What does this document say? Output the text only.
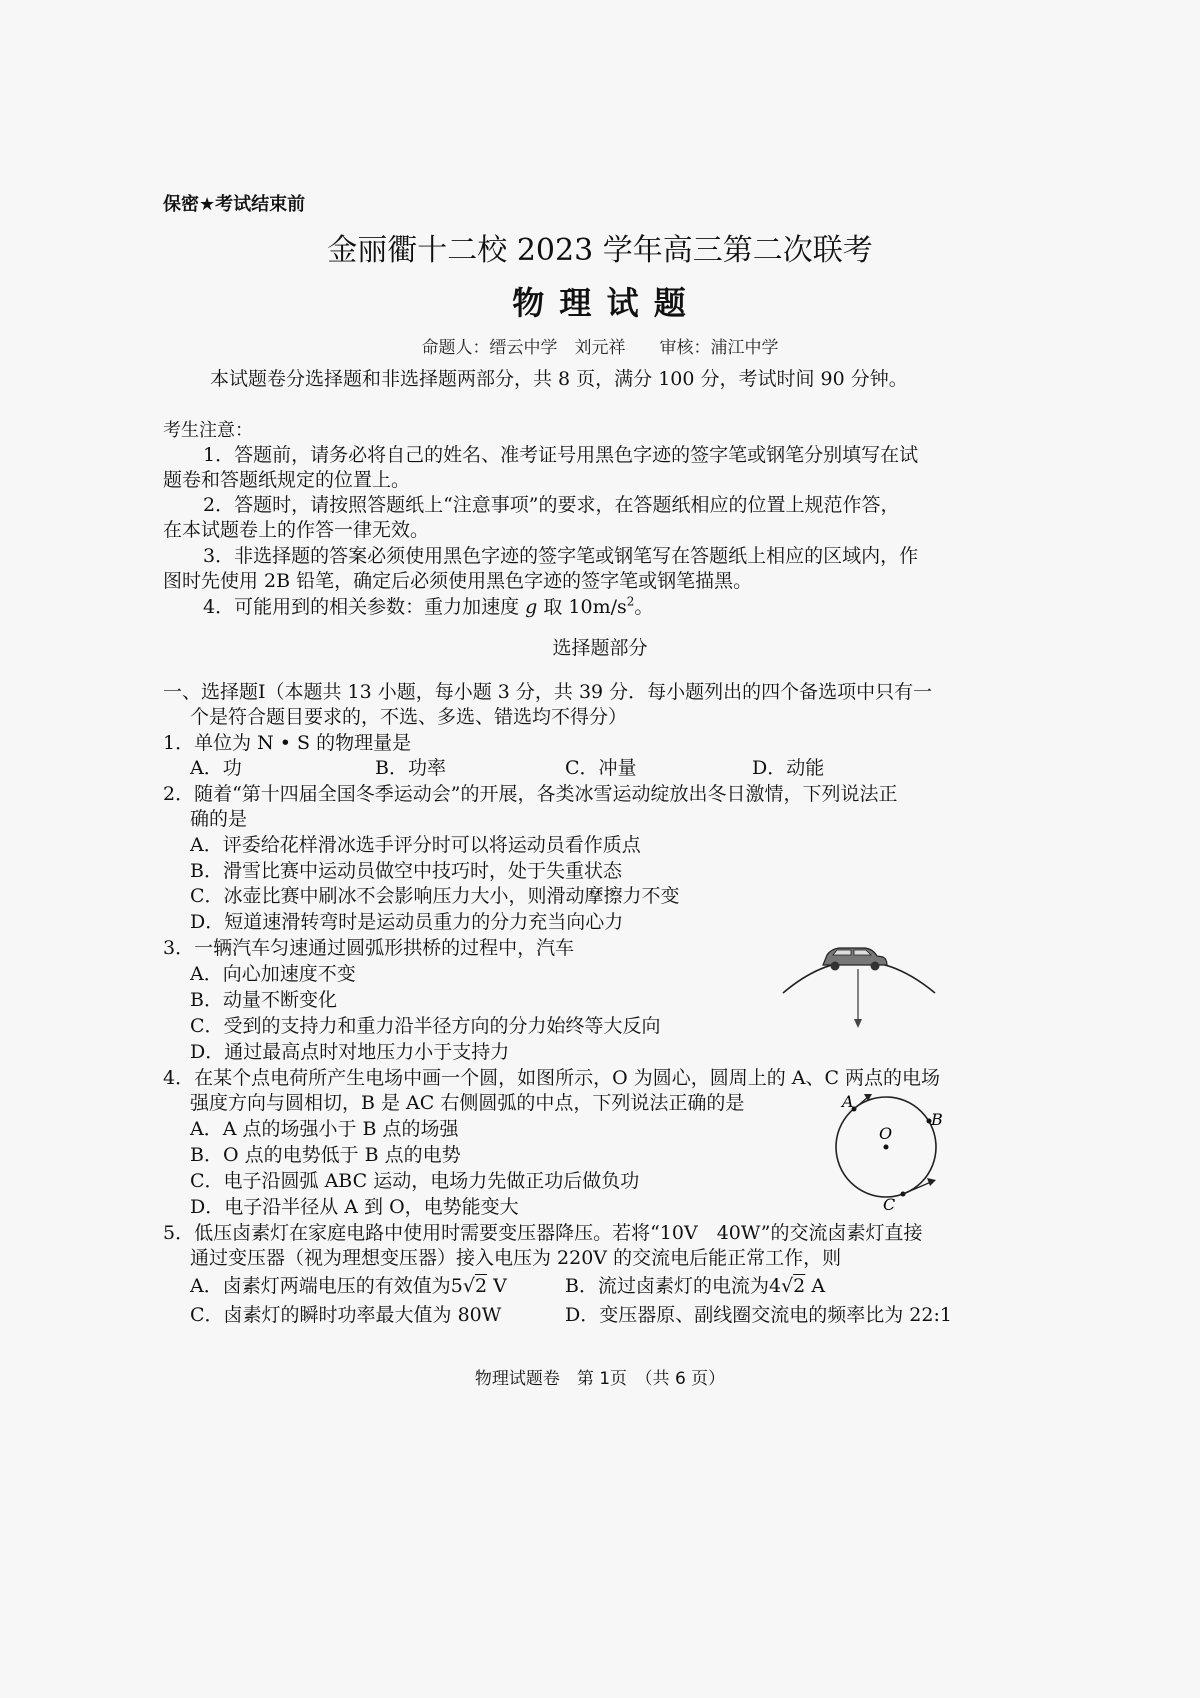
保密★考试结束前
金丽衢十二校 2023 学年高三第二次联考
物 理 试 题
命题人：缙云中学　刘元祥　　审核：浦江中学
本试题卷分选择题和非选择题两部分，共 8 页，满分 100 分，考试时间 90 分钟。
考生注意：
1．答题前，请务必将自己的姓名、准考证号用黑色字迹的签字笔或钢笔分别填写在试
题卷和答题纸规定的位置上。
2．答题时，请按照答题纸上“注意事项”的要求，在答题纸相应的位置上规范作答，
在本试题卷上的作答一律无效。
3．非选择题的答案必须使用黑色字迹的签字笔或钢笔写在答题纸上相应的区域内，作
图时先使用 2B 铅笔，确定后必须使用黑色字迹的签字笔或钢笔描黑。
4．可能用到的相关参数：重力加速度 g 取 $10m/s^2$。
选择题部分
一、选择题Ⅰ（本题共 13 小题，每小题 3 分，共 39 分．每小题列出的四个备选项中只有一
个是符合题目要求的，不选、多选、错选均不得分）
1．单位为 N • S 的物理量是
A．功	B．功率	C．冲量	D．动能
2．随着“第十四届全国冬季运动会”的开展，各类冰雪运动绽放出冬日激情，下列说法正
确的是
A．评委给花样滑冰选手评分时可以将运动员看作质点
B．滑雪比赛中运动员做空中技巧时，处于失重状态
C．冰壶比赛中刷冰不会影响压力大小，则滑动摩擦力不变
D．短道速滑转弯时是运动员重力的分力充当向心力
3．一辆汽车匀速通过圆弧形拱桥的过程中，汽车
A．向心加速度不变
B．动量不断变化
C．受到的支持力和重力沿半径方向的分力始终等大反向
D．通过最高点时对地压力小于支持力
4．在某个点电荷所产生电场中画一个圆，如图所示，O 为圆心，圆周上的 A、C 两点的电场
强度方向与圆相切，B 是 AC 右侧圆弧的中点，下列说法正确的是
A．A 点的场强小于 B 点的场强
B．O 点的电势低于 B 点的电势
C．电子沿圆弧 ABC 运动，电场力先做正功后做负功
D．电子沿半径从 A 到 O，电势能变大
A
B
C
O
5．低压卤素灯在家庭电路中使用时需要变压器降压。若将“10V　40W”的交流卤素灯直接
通过变压器（视为理想变压器）接入电压为 220V 的交流电后能正常工作，则
A．卤素灯两端电压的有效值为5√2 V	B．流过卤素灯的电流为4√2 A
C．卤素灯的瞬时功率最大值为 80W	D．变压器原、副线圈交流电的频率比为 22:1
物理试题卷　第 1页　（共 6 页）
